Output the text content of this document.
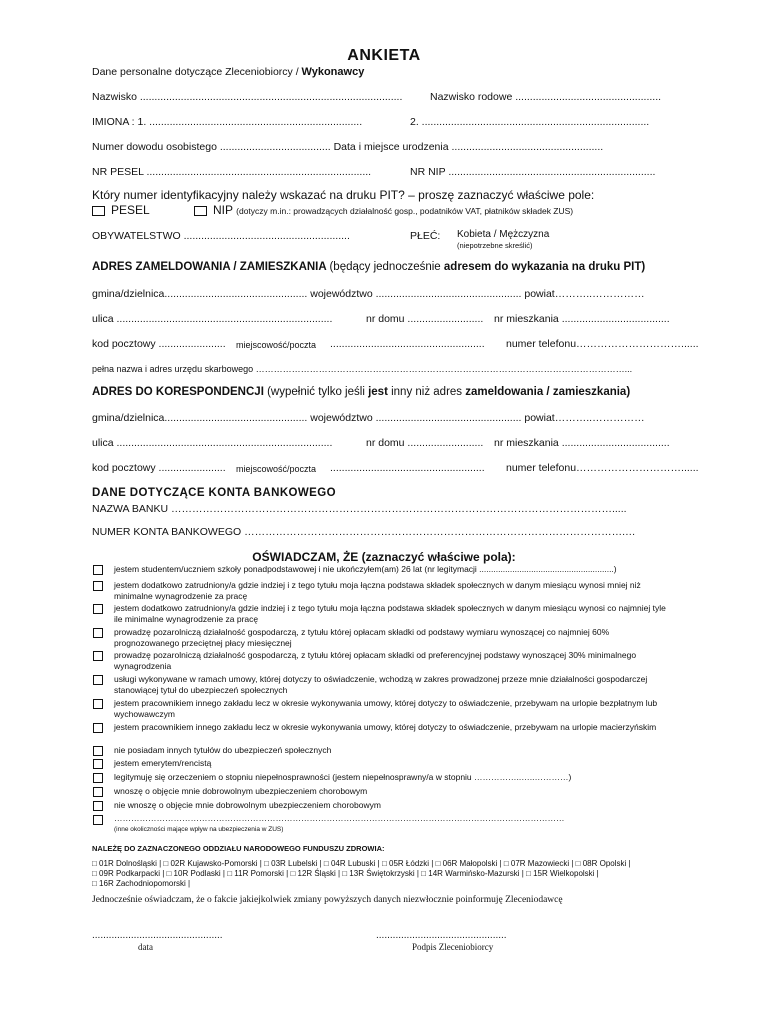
ANKIETA
Dane personalne dotyczące Zleceniobiorcy / Wykonawcy
Nazwisko ..........................................................................................	Nazwisko rodowe ..................................................
IMIONA : 1. .........................................................................	2. ..............................................................................
Numer dowodu osobistego ...................................... Data i miejsce urodzenia ....................................................
NR PESEL .............................................................................	NR NIP .......................................................................
Który numer identyfikacyjny należy wskazać na druku PIT? – proszę zaznaczyć właściwe pole:
PESEL	NIP (dotyczy m.in.: prowadzących działalność gosp., podatników VAT, płatników składek ZUS)
OBYWATELSTWO .........................................................	PŁEĆ: Kobieta / Mężczyzna
(niepotrzebne skreślić)
ADRES ZAMELDOWANIA / ZAMIESZKANIA (będący jednocześnie adresem do wykazania na druku PIT)
gmina/dzielnica................................................. województwo .................................................. powiat………..……………
ulica ..........................................................................	nr domu .......................... nr mieszkania .....................................
kod pocztowy ....................... miejscowość/poczta ..................................................... numer telefonu…………………………......
pełna nazwa i adres urzędu skarbowego ……………………………………………………………………………………………………………...
ADRES DO KORESPONDENCJI (wypełnić tylko jeśli jest inny niż adres zameldowania / zamieszkania)
gmina/dzielnica................................................. województwo .................................................. powiat………..……………
ulica ..........................................................................	nr domu .......................... nr mieszkania .....................................
kod pocztowy ....................... miejscowość/poczta ..................................................... numer telefonu…………………………......
DANE DOTYCZĄCE KONTA BANKOWEGO
NAZWA BANKU ……………………………………………………………………………………………………………….....
NUMER KONTA BANKOWEGO ……………………………………………………………………………………………….…
OŚWIADCZAM, ŻE (zaznaczyć właściwe pola):
jestem studentem/uczniem szkoły ponadpodstawowej i nie ukończyłem(am) 26 lat (nr legitymacji .........................................................)
jestem dodatkowo zatrudniony/a gdzie indziej i z tego tytułu moja łączna podstawa składek społecznych w danym miesiącu wynosi mniej niż minimalne wynagrodzenie za pracę
jestem dodatkowo zatrudniony/a gdzie indziej i z tego tytułu moja łączna podstawa składek społecznych w danym miesiącu wynosi co najmniej tyle ile minimalne wynagrodzenie za pracę
prowadzę pozarolniczą działalność gospodarczą, z tytułu której opłacam składki od podstawy wymiaru wynoszącej co najmniej 60% prognozowanego przeciętnej płacy miesięcznej
prowadzę pozarolniczą działalność gospodarczą, z tytułu której opłacam składki od preferencyjnej podstawy wynoszącej 30% minimalnego wynagrodzenia
usługi wykonywane w ramach umowy, której dotyczy to oświadczenie, wchodzą w zakres prowadzonej przeze mnie działalności gospodarczej stanowiącej tytuł do ubezpieczeń społecznych
jestem pracownikiem innego zakładu lecz w okresie wykonywania umowy, której dotyczy to oświadczenie, przebywam na urlopie bezpłatnym lub wychowawczym
jestem pracownikiem innego zakładu lecz w okresie wykonywania umowy, której dotyczy to oświadczenie, przebywam na urlopie macierzyńskim
nie posiadam innych tytułów do ubezpieczeń społecznych
jestem emerytem/rencistą
legitymuję się orzeczeniem o stopniu niepełnosprawności (jestem niepełnosprawny/a w stopniu ……………..…..…………)
wnoszę o objęcie mnie dobrowolnym ubezpieczeniem chorobowym
nie wnoszę o objęcie mnie dobrowolnym ubezpieczeniem chorobowym
……………………………………………………………………………………………………………………………………………
(inne okoliczności mające wpływ na ubezpieczenia w ZUS)
NALEŻĘ DO ZAZNACZONEGO ODDZIAŁU NARODOWEGO FUNDUSZU ZDROWIA:
□ 01R Dolnośląski | □ 02R Kujawsko-Pomorski | □ 03R Lubelski | □ 04R Lubuski | □ 05R Łódzki | □ 06R Małopolski | □ 07R Mazowiecki | □ 08R Opolski |
□ 09R Podkarpacki | □ 10R Podlaski | □ 11R Pomorski | □ 12R Śląski | □ 13R Świętokrzyski | □ 14R Warmińsko-Mazurski | □ 15R Wielkopolski |
□ 16R Zachodniopomorski |
Jednocześnie oświadczam, że o fakcie jakiejkolwiek zmiany powyższych danych niezwłocznie poinformuję Zleceniodawcę
...............................................
data
...............................................
Podpis Zleceniobiorcy
